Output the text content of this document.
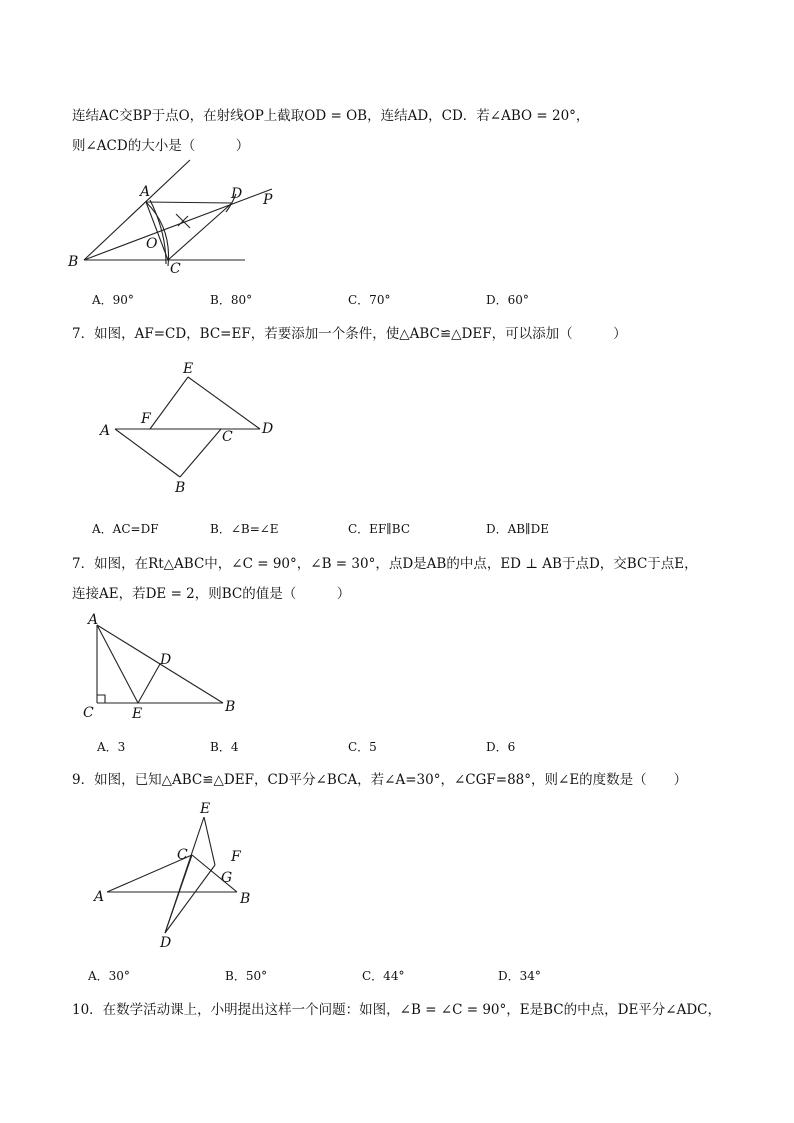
连结AC交BP于点O，在射线OP上截取OD = OB，连结AD，CD．若∠ABO = 20°，
则∠ACD的大小是（　　　）
A
B	C
D
O
P
A．90°	B．80°	C．70°	D．60°
7．如图，AF=CD，BC=EF，若要添加一个条件，使△ABC≌△DEF，可以添加（　　　）
A
B
C D
E
F
A．AC=DF	B．∠B=∠E	C．EF∥BC	D．AB∥DE
7．如图，在Rt△ABC中，∠C = 90°，∠B = 30°，点D是AB的中点，ED ⊥ AB于点D，交BC于点E，
连接AE，若DE = 2，则BC的值是（　　　）
A
B
C
D
E
A．3	B．4	C．5	D．6
9．如图，已知△ABC≌△DEF，CD平分∠BCA，若∠A=30°，∠CGF=88°，则∠E的度数是（　　）
A	B
C
D
E
F
G
A．30°	B．50°	C．44°	D．34°
10．在数学活动课上，小明提出这样一个问题：如图，∠B = ∠C = 90°，E是BC的中点，DE平分∠ADC，
